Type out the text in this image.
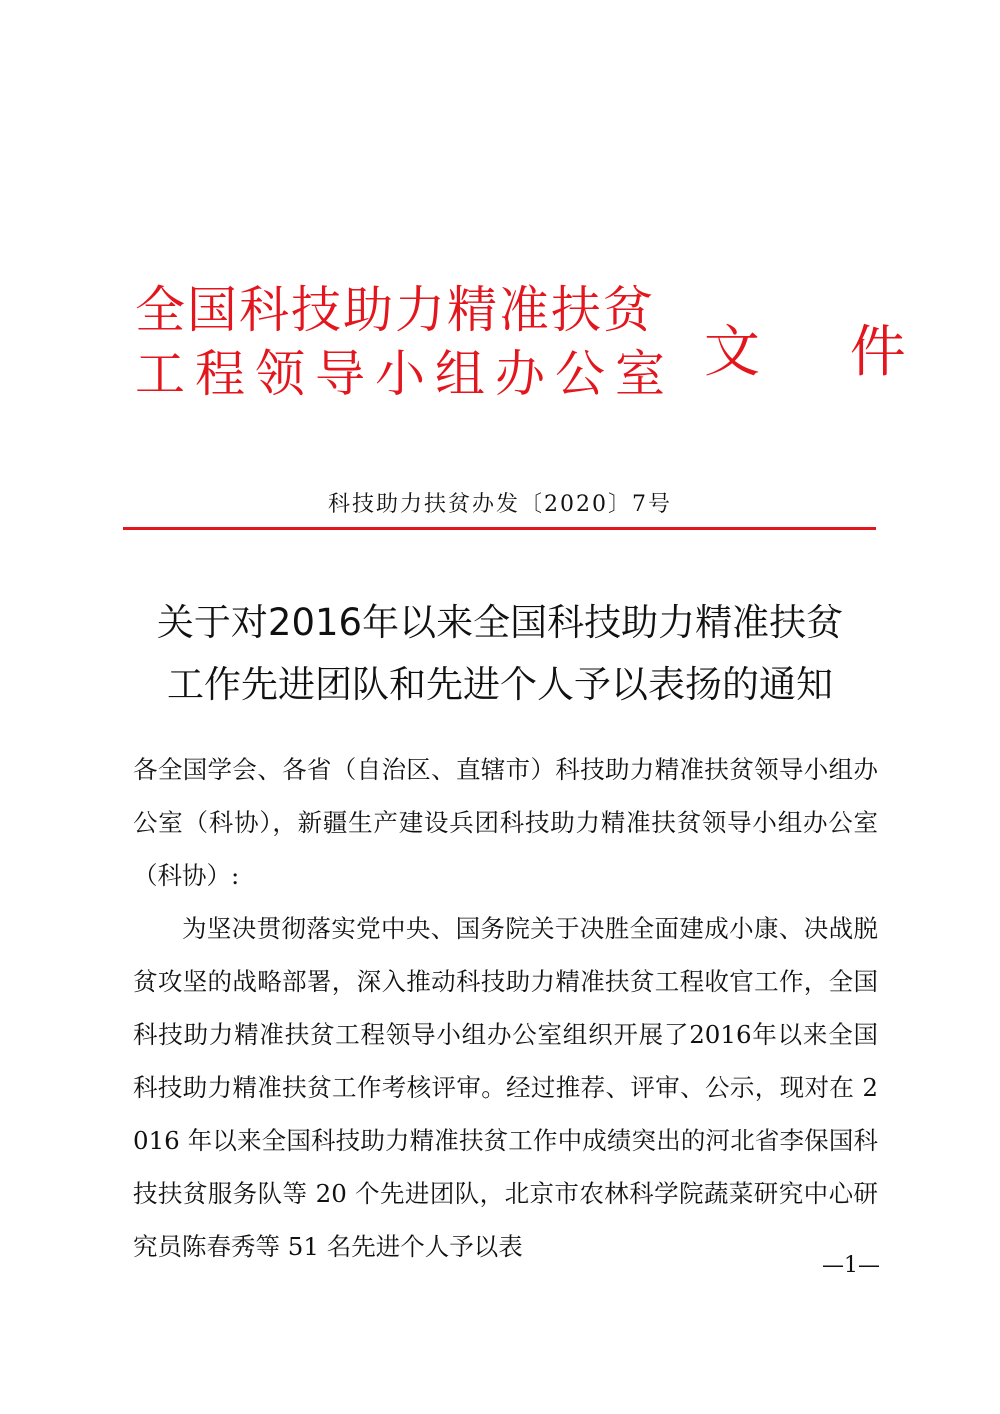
全国科技助力精准扶贫
工程领导小组办公室 文 件
科技助力扶贫办发〔2020〕7号
关于对2016年以来全国科技助力精准扶贫
工作先进团队和先进个人予以表扬的通知

各全国学会、各省（自治区、直辖市）科技助力精准扶贫领导小组办公室（科协），新疆生产建设兵团科技助力精准扶贫领导小组办公室（科协）:

为坚决贯彻落实党中央、国务院关于决胜全面建成小康、决战脱贫攻坚的战略部署，深入推动科技助力精准扶贫工程收官工作，全国科技助力精准扶贫工程领导小组办公室组织开展了2016年以来全国科技助力精准扶贫工作考核评审。经过推荐、评审、公示，现对在 2016 年以来全国科技助力精准扶贫工作中成绩突出的河北省李保国科技扶贫服务队等 20 个先进团队，北京市农林科学院蔬菜研究中心研究员陈春秀等 51 名先进个人予以表

—1—
